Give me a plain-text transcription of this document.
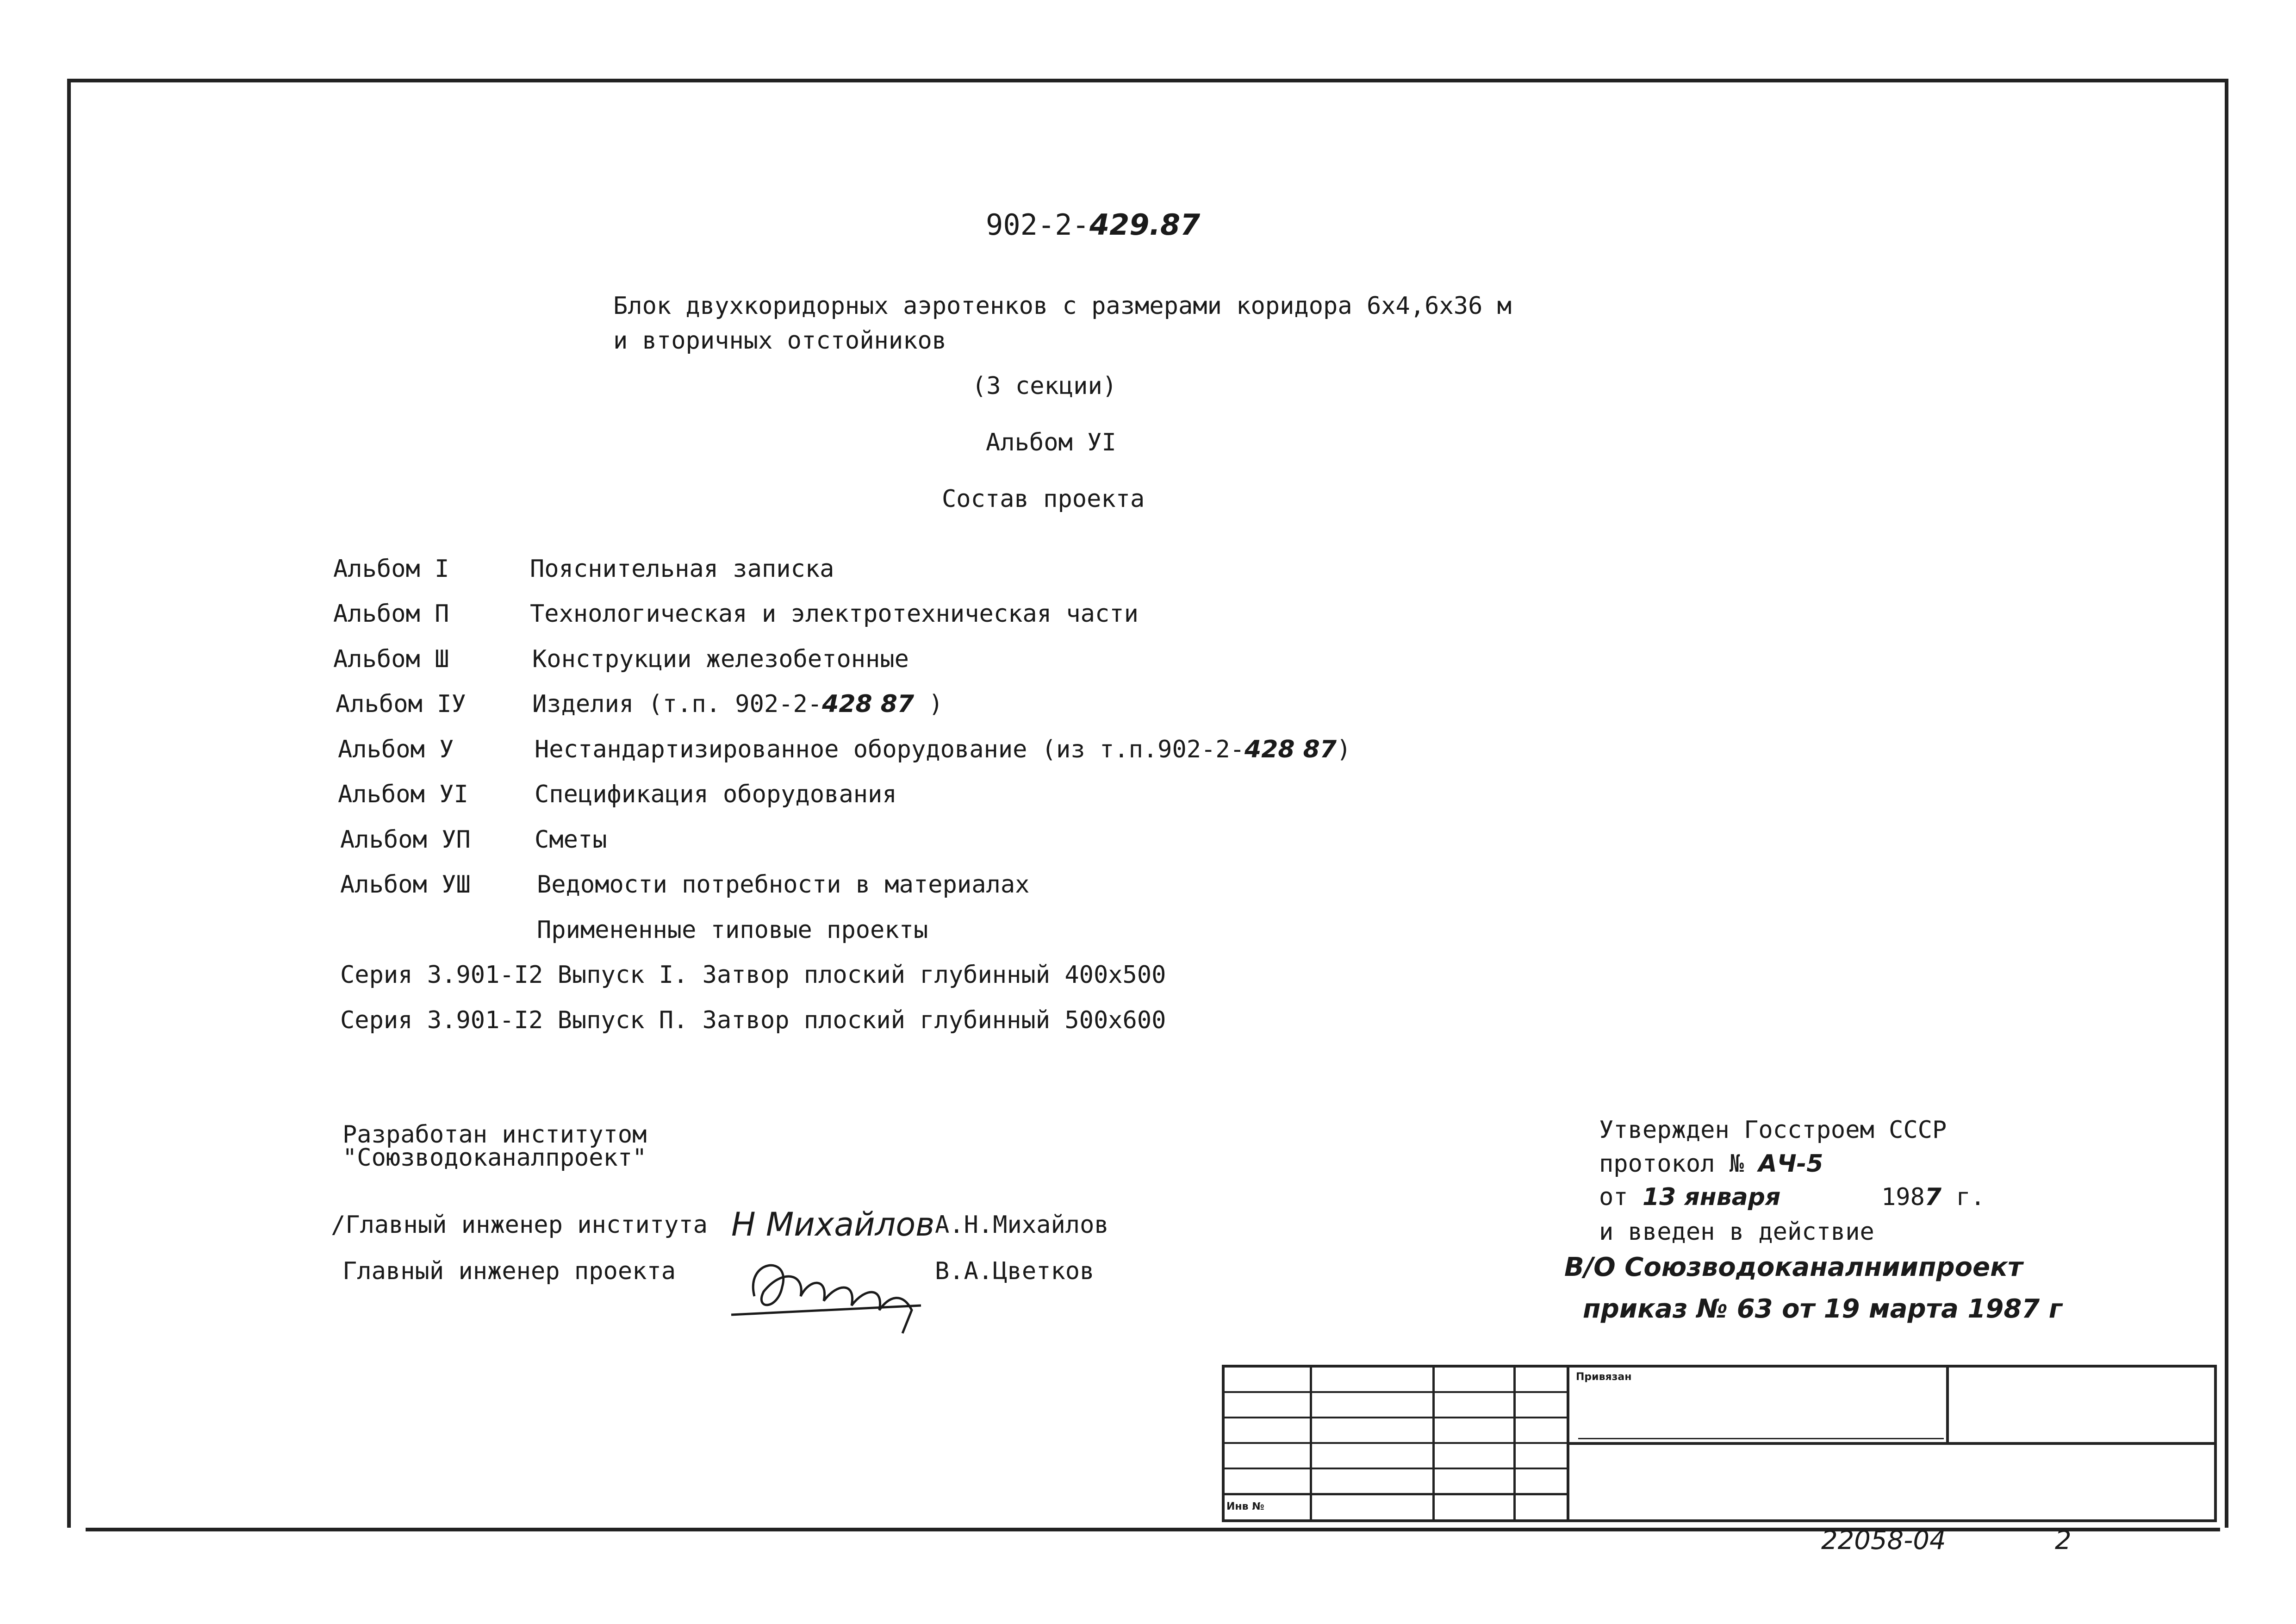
902-2-429.87
Блок двухкоридорных аэротенков с размерами коридора 6х4,6х36 м
и вторичных отстойников
(3 секции)
Альбом УI
Состав проекта
Альбом I	Пояснительная записка
Альбом П	Технологическая и электротехническая части
Альбом Ш	Конструкции железобетонные
Альбом IУ	Изделия (т.п. 902-2-428 87 )
Альбом У	Нестандартизированное оборудование (из т.п.902-2-428 87)
Альбом УI	Спецификация оборудования
Альбом УП	Сметы
Альбом УШ	Ведомости потребности в материалах
Примененные типовые проекты
Серия 3.901-I2 Выпуск I. Затвор плоский глубинный 400х500
Серия 3.901-I2 Выпуск П. Затвор плоский глубинный 500х600
Разработан институтом
"Союзводоканалпроект"
/Главный инженер института Н Михайлов А.Н.Михайлов
Главный инженер проекта	В.А.Цветков
Утвержден Госстроем СССР
протокол № АЧ-5
от 13 января	1987 г.
и введен в действие
В/О Союзводоканалниипроект
приказ № 63 от 19 марта 1987 г
Привязан
Инв №
22058-04	2
